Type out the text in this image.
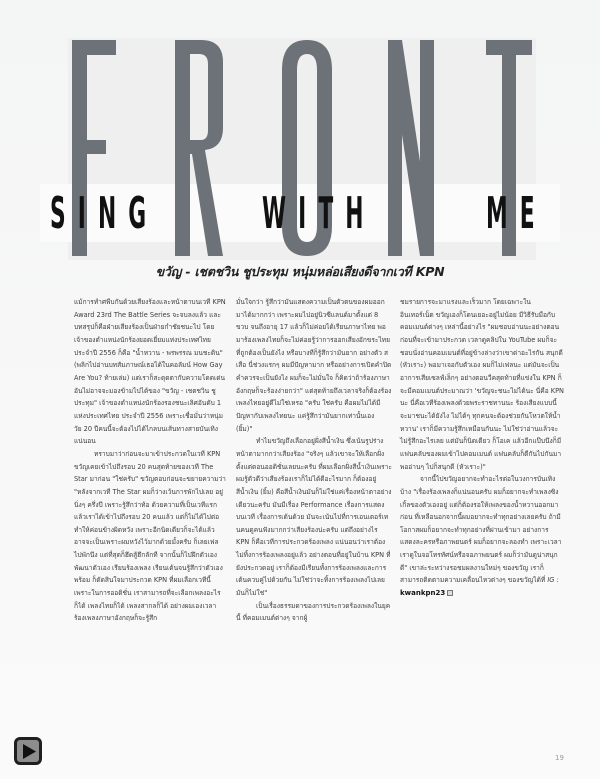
SING WITH	ME
ขวัญ - เชตชวิน ชูประทุม หนุ่มหล่อเสียงดีจากเวที KPN

แม้การทำศพีบกันด้วยเสียงร้องและหน้าตาบนเวที KPN Award 23rd The Battle Series จะจบลงแล้ว และบทสรุปก็คือฝ่ายเสียงร้องเป็นฝ่ายกำชัยชนะไป โดยเจ้าของตำแหน่งนักร้องยอดเยี่ยมแห่งประเทศไทย ประจำปี 2556 ก็คือ "น้ำหวาน - พรพรรณ มนชะดิน" (พลิกไปอ่านบทสัมภาษณ์เธอได้ในคอลัมน์ How Gay Are You? ท้ายเล่ม) แต่เราก็สะดุดตากับความโดดเด่นอันไม่อาจจะมองข้ามไปได้ของ "ขวัญ - เชตชวิน ชูประทุม" เจ้าของตำแหน่งนักร้องรองชนะเลิศอันดับ 1 แห่งประเทศไทย ประจำปี 2556 เพราะเชื่อมั่นว่าหนุ่มวัย 20 ปีคนนี้จะต้องไปได้ไกลบนเส้นทางสายบันเทิงแน่นอน

ทราบมาว่าก่อนจะมาเข้าประกวดในเวที KPN ขวัญเคยเข้าไปถึงรอบ 20 คนสุดท้ายของเวที The Star มาก่อน "ใช่ครับ" ขวัญตอบก่อนจะขยายความว่า "หลังจากเวที The Star ผมก็ว่างเว้นการพักไปเลย อยู่นิ่งๆ ครึ่งปี เพราะรู้สึกว่าท้อ ด้วยความที่เป็นเวทีแรก แล้วเราได้เข้าไปถึงรอบ 20 คนแล้ว แต่ก็ไม่ได้ไปต่อทำให้ค่อนข้างผิดหวัง เพราะอีกนิดเดียวก็จะได้แล้ว อาจจะเป็นเพราะผมหวังไว้มากด้วยมั้งครับ ก็เลยเฟลไปพักนึง แต่ที่สุดก็ฮึดสู้ฮึกลักที จากนั้นก็ไปฝึกตัวเองพัฒนาตัวเอง เรียนร้องเพลง เรียนเต้นจนรู้สึกว่าตัวเองพร้อม ก็ตัดสินใจมาประกวด KPN ที่ผมเลือกเวทีนี้ เพราะในการออดิชั่น เราสามารถที่จะเลือกเพลงอะไรก็ได้ เพลงไทยก็ได้ เพลงสากลก็ได้ อย่างผมเองเวลาร้องเพลงภาษาอังกฤษก็จะรู้สึก

มั่นใจกว่า รู้สึกว่ามันแสดงความเป็นตัวตนของผมออกมาได้มากกว่า เพราะผมไปอยู่นิวซีแลนด์มาตั้งแต่ 8 ขวบ จนถึงอายุ 17 แล้วก็ไม่ค่อยได้เรียนภาษาไทย พอมาร้องเพลงไทยก็จะไม่ค่อยรู้ว่าการออกเสียงอักขระไทยที่ถูกต้องเป็นยังไง หรือบางทีก็รู้สึกว่ามันยาก อย่างตัว ส เสือ นี่ช่วงแรกๆ ผมมีปัญหามาก หรืออย่างการเปิดคำปิดคำควรจะเป็นยังไง ผมก็จะไม่มั่นใจ ก็คิดว่าถ้าร้องภาษาอังกฤษก็จะร้องง่ายกว่า" แต่สุดท้ายถึงเวลาจริงก็ต้องร้องเพลงไทยอยู่ดีไม่ใช่เหรอ "ครับ ใช่ครับ คือผมไม่ได้มีปัญหากับเพลงไทยนะ แค่รู้สึกว่ามันยากเท่านั้นเอง (ยิ้ม)"

ทำไมขวัญถึงเลือกอยู่ฝั่งสีน้ำเงิน ซึ่งเน้นรูปร่างหน้าตามากกว่าเสียงร้อง "จริงๆ แล้วเขาจะให้เลือกฝั่งตั้งแต่ตอนออดิชั่นเลยนะครับ ที่ผมเลือกฝั่งสีน้ำเงินเพราะผมรู้ตัวดีว่าเสียงร้องเราก็ไม่ได้ดีอะไรมาก ก็ต้องอยู่สีน้ำเงิน (ยิ้ม) คือสีน้ำเงินมันก็ไม่ใช่แค่เรื่องหน้าตาอย่างเดียวนะครับ มันมีเรื่อง Performance เรื่องการแสดงบนเวที เรื่องการเต้นด้วย มันจะเน้นไปที่การเอนเตอร์เทนคนดูคนฟังมากกว่าเสียงร้องน่ะครับ แต่ถึงอย่างไร KPN ก็คือเวทีการประกวดร้องเพลง แน่นอนว่าเราต้องไม่ทิ้งการร้องเพลงอยู่แล้ว อย่างตอนที่อยู่ในบ้าน KPN ที่ยังประกวดอยู่ เราก็ต้องมีเรียนทั้งการร้องเพลงและการเต้นควบคู่ไปด้วยกัน ไม่ใช่ว่าจะทิ้งการร้องเพลงไปเลยมันก็ไม่ใช่"

เป็นเรื่องธรรมดาของการประกวดร้องเพลงในยุคนี้ ที่คอมเมนต์ต่างๆ จากผู้

ชมรายการจะมาแรงและเร็วมาก โดยเฉพาะในอินเทอร์เน็ต ขวัญเองก็โดนเยอะอยู่ไม่น้อย มีวิธีรับมือกับคอมเมนต์ต่างๆ เหล่านี้อย่างไร "ผมชอบอ่านนะอย่างตอนก่อนที่จะเข้ามาประกวด เวลาดูคลิปใน YouTube ผมก็จะชอบนั่งอ่านคอมเมนต์ที่อยู่ข้างล่างว่าเขาด่าอะไรกัน สนุกดี (หัวเราะ) พอมาเจอกับตัวเอง ผมก็ไม่เฟลนะ แต่มันจะเป็นอาการเสียเซลฟ์เล็กๆ อย่างตอนวีคสุดท้ายที่แข่งใน KPN ก็จะมีคอมเมนต์ประมาณว่า 'ขวัญจะชนะไม่ได้นะ นี่คือ KPN นะ นี่คือเวทีร้องเพลงด้วยพระราชทานนะ ร้องเสียงแบบนี้จะมาชนะได้ยังไง ไม่ได้ๆ ทุกคนจะต้องช่วยกันโหวตให้น้ำหวาน' เราก็มีความรู้สึกเหมือนกันนะ ไม่ใช่ว่าอ่านแล้วจะไม่รู้สึกอะไรเลย แต่มันก็นิดเดียว ก็โอเค แล้วอีกแป๊บนึงก็มีแฟนคลับของผมเข้าไปคอมเมนต์ แฟนคลับก็ตีกันไปกันมา พออ่านๆ ไปก็สนุกดี (หัวเราะ)"

จากนี้ไปขวัญอยากจะทำอะไรต่อในวงการบันเทิงบ้าง "เรื่องร้องเพลงก็แน่นอนครับ ผมก็อยากจะทำเพลงซิงเกิ้ลของตัวเองอยู่ แต่ก็ต้องรอให้เพลงของน้ำหวานออกมาก่อน ที่เหลือนอกจากนี้ผมอยากจะทำทุกอย่างเลยครับ ถ้ามีโอกาสผมก็อยากจะทำทุกอย่างที่ผ่านเข้ามา อย่างการแสดงละครหรือภาพยนตร์ ผมก็อยากจะลองทำ เพราะเวลาเราดูในจอโทรทัศน์หรือจอภาพยนตร์ ผมก็ว่ามันดูน่าสนุกดี" เขาล่ะระหว่างรอชมผลงานใหม่ๆ ของขวัญ เราก็สามารถติดตามความเคลื่อนไหวต่างๆ ของขวัญได้ที่ IG : kwankpn23

19
